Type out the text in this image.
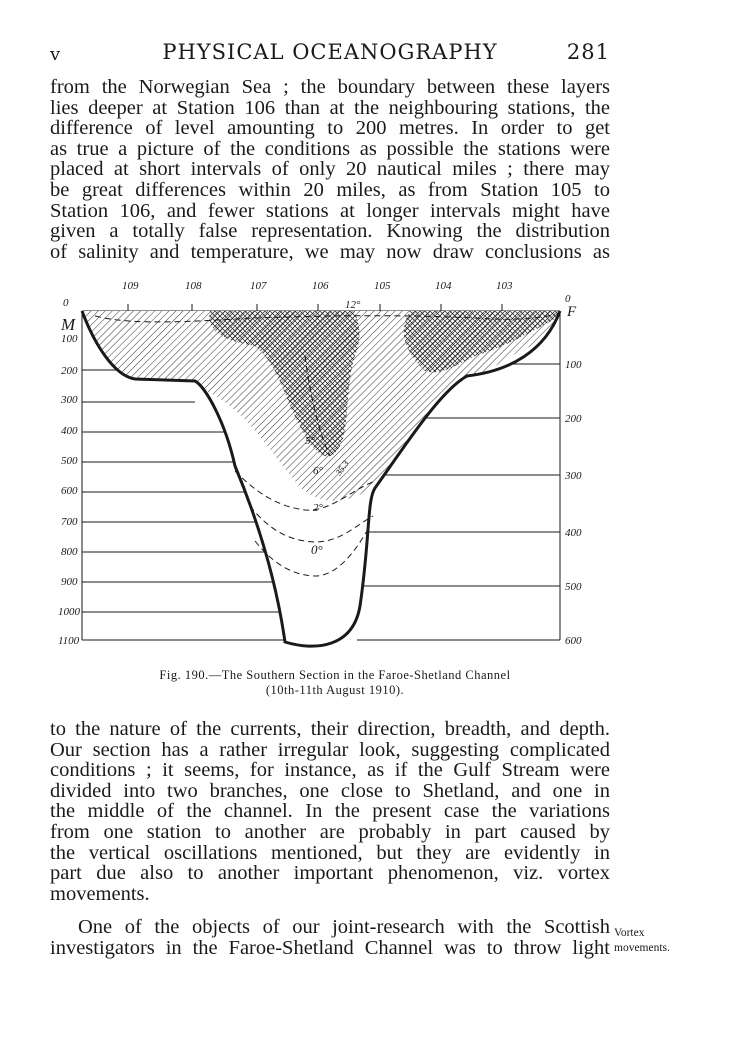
v	PHYSICAL OCEANOGRAPHY	281

from the Norwegian Sea ; the boundary between these layers
lies deeper at Station 106 than at the neighbouring stations, the
difference of level amounting to 200 metres. In order to get
as true a picture of the conditions as possible the stations were
placed at short intervals of only 20 nautical miles ; there may
be great differences within 20 miles, as from Station 105 to
Station 106, and fewer stations at longer intervals might have
given a totally false representation. Knowing the distribution
of salinity and temperature, we may now draw conclusions as

109	108	107	106	105	104	103
M
F
0
100
200
300
400
500
600
700
800
900
1000
1100
0
100
200
300
400
500
600
12°
5°
6°
2°
0°
35.3
Fig. 190.—The Southern Section in the Faroe-Shetland Channel
(10th-11th August 1910).

to the nature of the currents, their direction, breadth, and depth.
Our section has a rather irregular look, suggesting complicated
conditions ; it seems, for instance, as if the Gulf Stream were
divided into two branches, one close to Shetland, and one in
the middle of the channel. In the present case the variations
from one station to another are probably in part caused by
the vertical oscillations mentioned, but they are evidently in
part due also to another important phenomenon, viz. vortex
movements.

One of the objects of our joint-research with the Scottish
investigators in the Faroe-Shetland Channel was to throw light

Vortex
movements.
